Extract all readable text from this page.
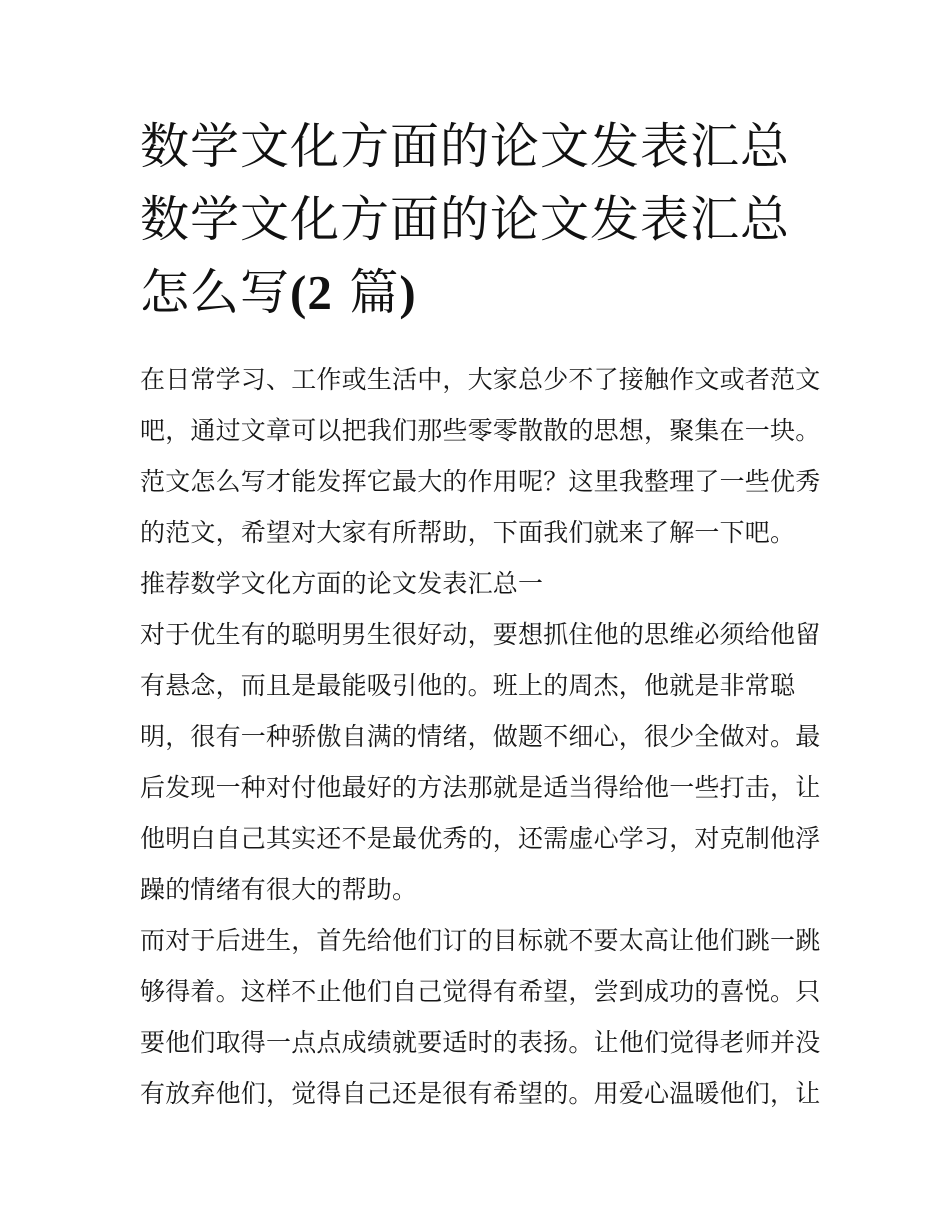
数学文化方面的论文发表汇总
数学文化方面的论文发表汇总
怎么写(2 篇)
在日常学习、工作或生活中，大家总少不了接触作文或者范文
吧，通过文章可以把我们那些零零散散的思想，聚集在一块。
范文怎么写才能发挥它最大的作用呢？这里我整理了一些优秀
的范文，希望对大家有所帮助，下面我们就来了解一下吧。
推荐数学文化方面的论文发表汇总一
对于优生有的聪明男生很好动，要想抓住他的思维必须给他留
有悬念，而且是最能吸引他的。班上的周杰，他就是非常聪
明，很有一种骄傲自满的情绪，做题不细心，很少全做对。最
后发现一种对付他最好的方法那就是适当得给他一些打击，让
他明白自己其实还不是最优秀的，还需虚心学习，对克制他浮
躁的情绪有很大的帮助。
而对于后进生，首先给他们订的目标就不要太高让他们跳一跳
够得着。这样不止他们自己觉得有希望，尝到成功的喜悦。只
要他们取得一点点成绩就要适时的表扬。让他们觉得老师并没
有放弃他们，觉得自己还是很有希望的。用爱心温暖他们，让
